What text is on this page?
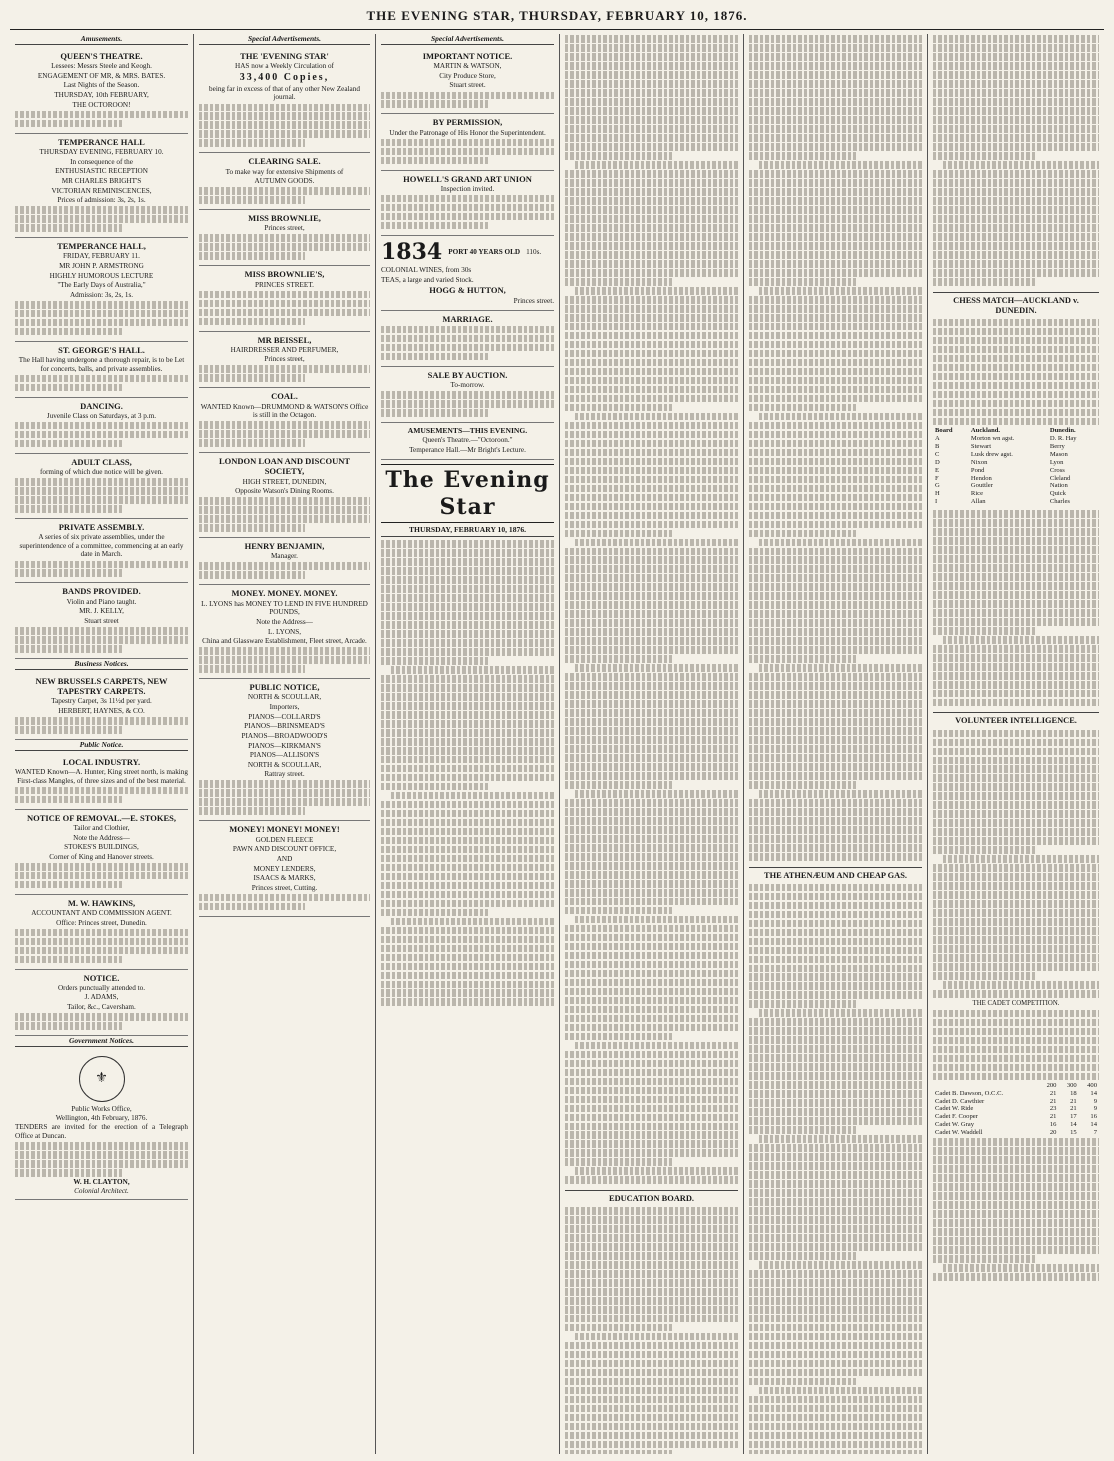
THE EVENING STAR, THURSDAY, FEBRUARY 10, 1876.
Amusements.
QUEEN'S THEATRE.

Lessees: Messrs Steele and Keogh.

ENGAGEMENT OF MR, & MRS. BATES.

Last Nights of the Season.

THURSDAY, 10th FEBRUARY,

THE OCTOROON!

TEMPERANCE HALL

THURSDAY EVENING, FEBRUARY 10.

In consequence of the

ENTHUSIASTIC RECEPTION

MR CHARLES BRIGHT'S

VICTORIAN REMINISCENCES,

Prices of admission: 3s, 2s, 1s.

TEMPERANCE HALL,

FRIDAY, FEBRUARY 11.

MR JOHN P. ARMSTRONG

HIGHLY HUMOROUS LECTURE

"The Early Days of Australia,"

Admission: 3s, 2s, 1s.

ST. GEORGE'S HALL.

The Hall having undergone a thorough repair, is to be Let for concerts, balls, and private assemblies.

DANCING.

Juvenile Class on Saturdays, at 3 p.m.

ADULT CLASS,

forming of which due notice will be given.

PRIVATE ASSEMBLY.

A series of six private assemblies, under the superintendence of a committee, commencing at an early date in March.

BANDS PROVIDED.

Violin and Piano taught.

MR. J. KELLY,

Stuart street

Business Notices.
NEW BRUSSELS CARPETS, NEW TAPESTRY CARPETS.

Tapestry Carpet, 3s 11½d per yard.

HERBERT, HAYNES, & CO.

Public Notice.
LOCAL INDUSTRY.

WANTED Known—A. Hunter, King street north, is making First-class Mangles, of three sizes and of the best material.

NOTICE OF REMOVAL.—E. STOKES,

Tailor and Clothier,

Note the Address—

STOKES'S BUILDINGS,

Corner of King and Hanover streets.

M. W. HAWKINS,

ACCOUNTANT AND COMMISSION AGENT.

Office: Princes street, Dunedin.

NOTICE.

Orders punctually attended to.

J. ADAMS,

Tailor, &c., Caversham.

Government Notices.
⚜
Public Works Office,
Wellington, 4th February, 1876.

TENDERS are invited for the erection of a Telegraph Office at Duncan.

W. H. CLAYTON,
Colonial Architect.
Special Advertisements.
THE 'EVENING STAR'

HAS now a Weekly Circulation of

33,400 Copies,

being far in excess of that of any other New Zealand journal.

CLEARING SALE.

To make way for extensive Shipments of

AUTUMN GOODS.

MISS BROWNLIE,

Princes street,

MISS BROWNLIE'S,

PRINCES STREET.

MR BEISSEL,

HAIRDRESSER AND PERFUMER,

Princes street,

COAL.

WANTED Known—DRUMMOND & WATSON'S Office is still in the Octagon.

LONDON LOAN AND DISCOUNT SOCIETY,

HIGH STREET, DUNEDIN,

Opposite Watson's Dining Rooms.

HENRY BENJAMIN,

Manager.

MONEY. MONEY. MONEY.

L. LYONS has MONEY TO LEND IN FIVE HUNDRED POUNDS,

Note the Address—

L. LYONS,

China and Glassware Establishment, Fleet street, Arcade.

PUBLIC NOTICE,

NORTH & SCOULLAR,

Importers,

PIANOS—COLLARD'S

PIANOS—BRINSMEAD'S

PIANOS—BROADWOOD'S

PIANOS—KIRKMAN'S

PIANOS—ALLISON'S

NORTH & SCOULLAR,

Rattray street.

MONEY! MONEY! MONEY!

GOLDEN FLEECE

PAWN AND DISCOUNT OFFICE,

AND

MONEY LENDERS,

ISAACS & MARKS,

Princes street, Cutting.

Special Advertisements.
IMPORTANT NOTICE.

MARTIN & WATSON,

City Produce Store,

Stuart street.

BY PERMISSION,

Under the Patronage of His Honor the Superintendent.

HOWELL'S GRAND ART UNION

Inspection invited.

1834 PORT 40 YEARS OLD 110s.

COLONIAL WINES, from 30s

TEAS, a large and varied Stock.

HOGG & HUTTON,

Princes street.

MARRIAGE.
SALE BY AUCTION.

To-morrow.

AMUSEMENTS—THIS EVENING.

Queen's Theatre.—"Octoroon."

Temperance Hall.—Mr Bright's Lecture.

The Evening Star
THURSDAY, FEBRUARY 10, 1876.
EDUCATION BOARD.
THE ATHENÆUM AND CHEAP GAS.
CHESS MATCH—AUCKLAND v. DUNEDIN.
Board	Auckland.	Dunedin.
A	Morton wn agst.	D. R. Hay
B	Stewart	Berry
C	Lusk drew agst.	Mason
D	Nixon	Lyon
E	Pond	Cross
F	Hendon	Cleland
G	Gouttler	Nation
H	Rice	Quick
I	Allan	Charles
VOLUNTEER INTELLIGENCE.
THE CADET COMPETITION.
	200	300	400
Cadet B. Dawson, O.C.C.	21	18	14
Cadet D. Cawthier	21	21	9
Cadet W. Ride	23	21	9
Cadet F. Cooper	21	17	16
Cadet W. Gray	16	14	14
Cadet W. Waddell	20	15	7
